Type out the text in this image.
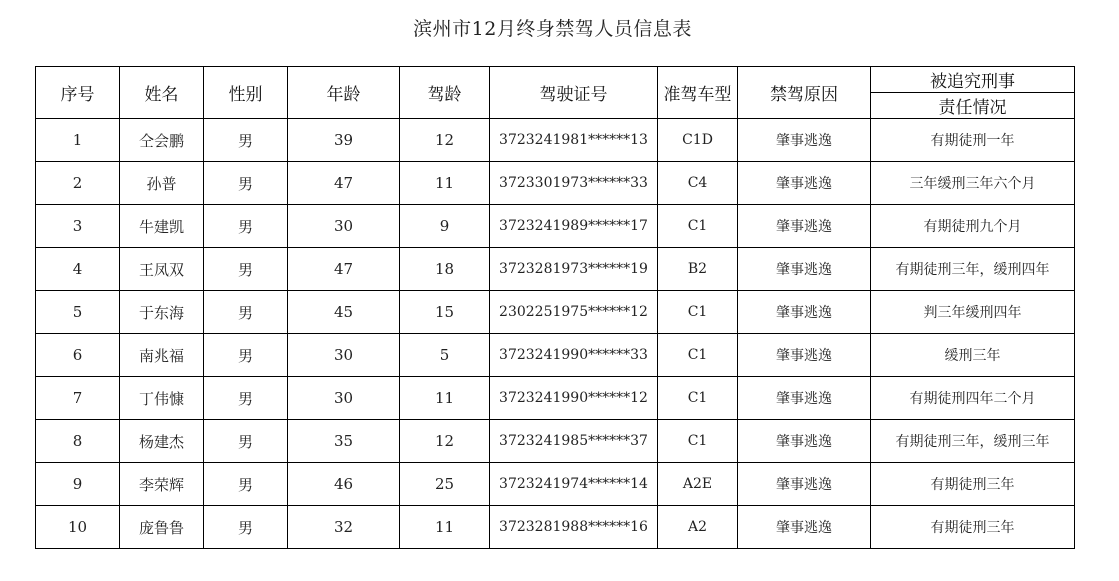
滨州市12月终身禁驾人员信息表
序号	姓名	性别	年龄	驾龄	驾驶证号	准驾车型	禁驾原因	被追究刑事
								责任情况
1	仝会鹏	男	39	12	3723241981******13	C1D	肇事逃逸	有期徒刑一年
2	孙普	男	47	11	3723301973******33	C4	肇事逃逸	三年缓刑三年六个月
3	牛建凯	男	30	9	3723241989******17	C1	肇事逃逸	有期徒刑九个月
4	王凤双	男	47	18	3723281973******19	B2	肇事逃逸	有期徒刑三年，缓刑四年
5	于东海	男	45	15	2302251975******12	C1	肇事逃逸	判三年缓刑四年
6	南兆福	男	30	5	3723241990******33	C1	肇事逃逸	缓刑三年
7	丁伟慷	男	30	11	3723241990******12	C1	肇事逃逸	有期徒刑四年二个月
8	杨建杰	男	35	12	3723241985******37	C1	肇事逃逸	有期徒刑三年，缓刑三年
9	李荣辉	男	46	25	3723241974******14	A2E	肇事逃逸	有期徒刑三年
10	庞鲁鲁	男	32	11	3723281988******16	A2	肇事逃逸	有期徒刑三年
